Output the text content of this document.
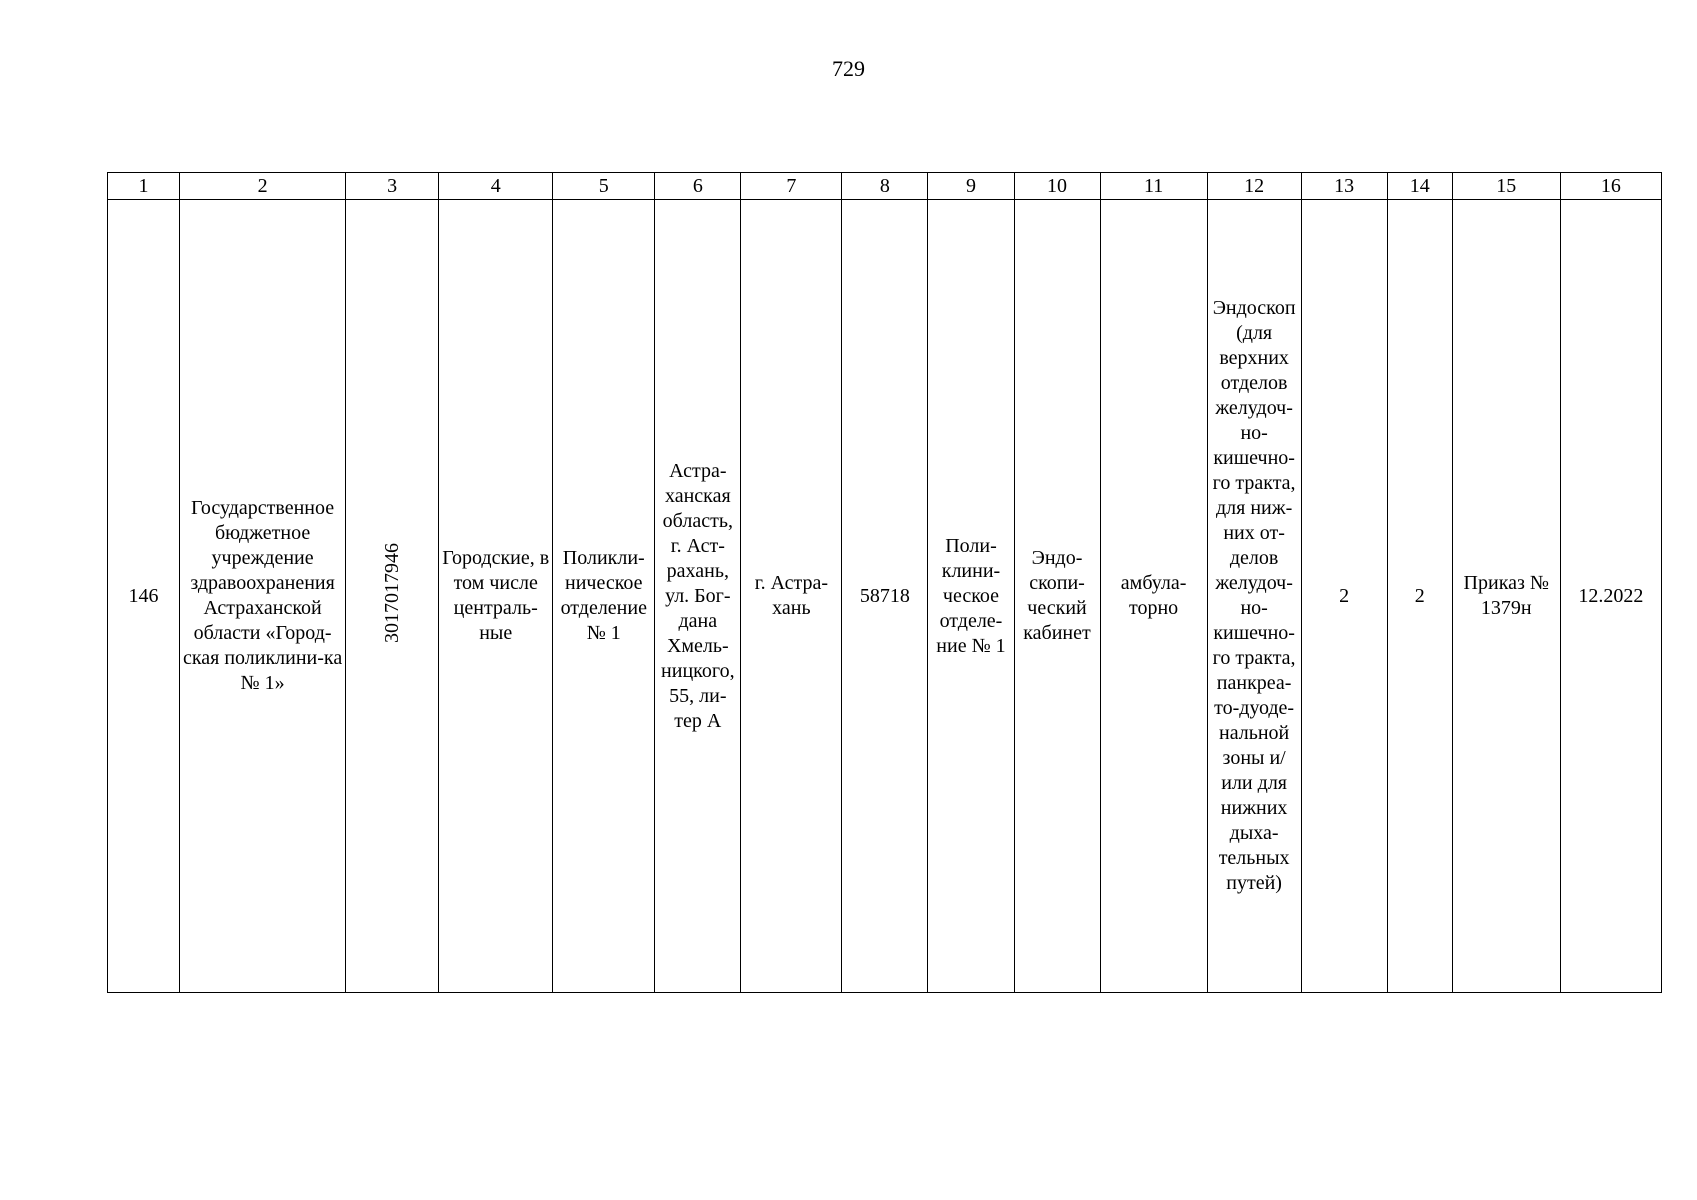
729
1	2	3	4	5	6	7	8	9	10	11	12	13	14	15	16
146	Государственное бюджетное учреждение здравоохранения Астраханской области «Город-ская поликлини-ка № 1»	3017017946	Городские, в том числе централь-ные	Поликли-ническое отделение № 1	Астра-ханская область, г. Аст-рахань, ул. Бог-дана Хмель-ницкого, 55, ли-тер А	г. Астра-хань	58718	Поли-клини-ческое отделе-ние № 1	Эндо-скопи-ческий кабинет	амбула-торно	Эндоскоп (для верхних отделов желудоч-но-кишечно-го тракта, для ниж-них от-делов желудоч-но-кишечно-го тракта, панкреа-то-дуоде-нальной зоны и/или для нижних дыха-тельных путей)	2	2	Приказ № 1379н	12.2022
